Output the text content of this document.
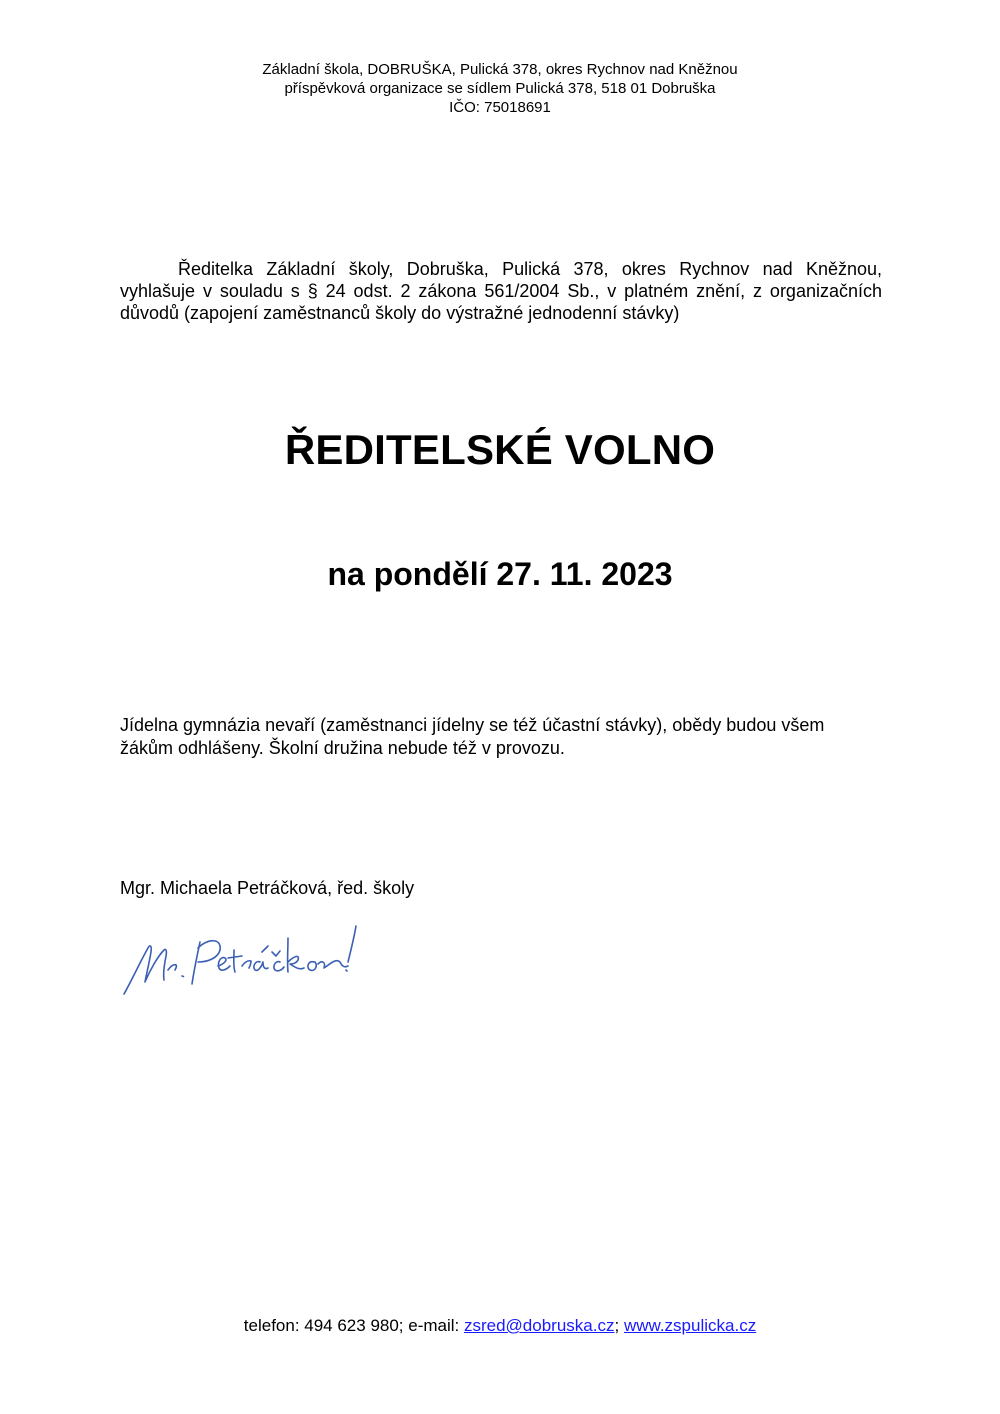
Základní škola, DOBRUŠKA, Pulická 378, okres Rychnov nad Kněžnou
příspěvková organizace se sídlem Pulická 378, 518 01 Dobruška
IČO: 75018691
Ředitelka Základní školy, Dobruška, Pulická 378, okres Rychnov nad Kněžnou, vyhlašuje v souladu s § 24 odst. 2 zákona 561/2004 Sb., v platném znění, z organizačních důvodů (zapojení zaměstnanců školy do výstražné jednodenní stávky)
ŘEDITELSKÉ VOLNO
na pondělí 27. 11. 2023

Jídelna gymnázia nevaří (zaměstnanci jídelny se též účastní stávky), obědy budou všem

žákům odhlášeny. Školní družina nebude též v provozu.

Mgr. Michaela Petráčková, řed. školy
telefon: 494 623 980; e-mail: zsred@dobruska.cz; www.zspulicka.cz
